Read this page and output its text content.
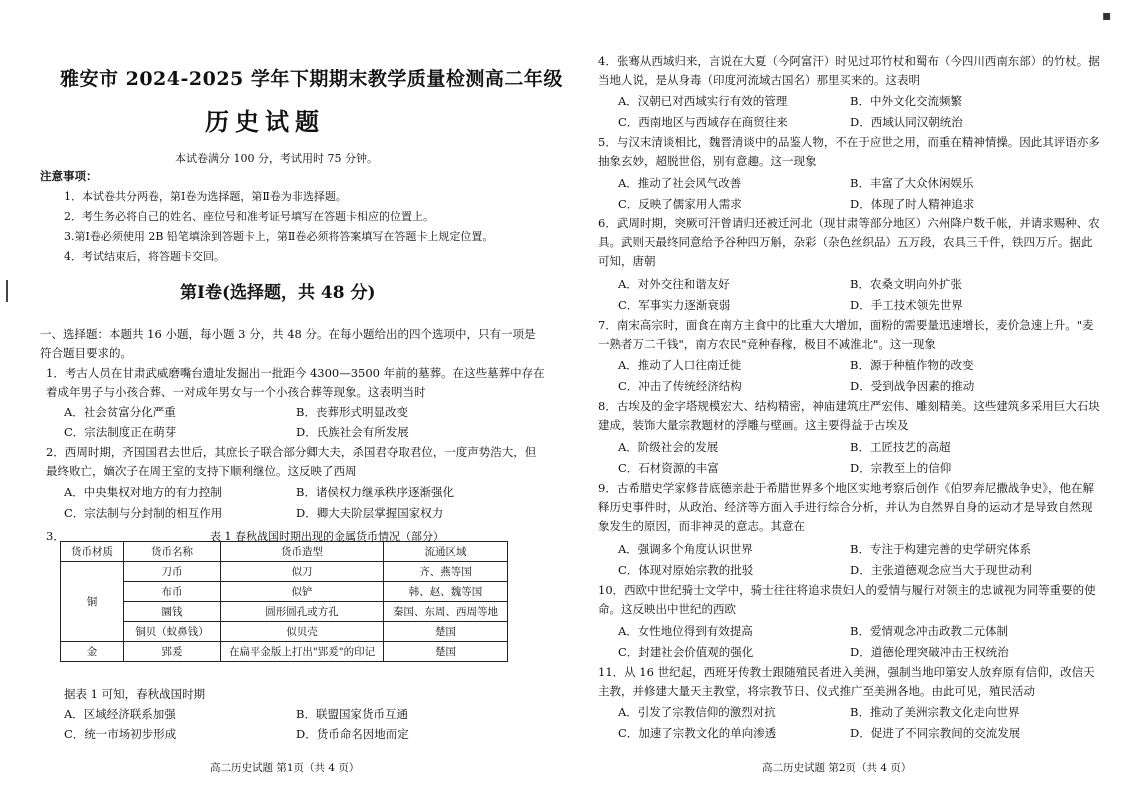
雅安市 2024-2025 学年下期期末教学质量检测高二年级
历史试题
本试卷满分 100 分，考试用时 75 分钟。
注意事项：
1．本试卷共分两卷，第Ⅰ卷为选择题，第Ⅱ卷为非选择题。
2．考生务必将自己的姓名、座位号和准考证号填写在答题卡相应的位置上。
3.第Ⅰ卷必须使用 2B 铅笔填涂到答题卡上，第Ⅱ卷必须将答案填写在答题卡上规定位置。
4．考试结束后，将答题卡交回。
第Ⅰ卷(选择题，共 48 分)
一、选择题：本题共 16 小题，每小题 3 分，共 48 分。在每小题给出的四个选项中，只有一项是符合题目要求的。
1．考古人员在甘肃武威磨嘴台遗址发掘出一批距今 4300—3500 年前的墓葬。在这些墓葬中存在着成年男子与小孩合葬、一对成年男女与一个小孩合葬等现象。这表明当时
A．社会贫富分化严重	B．丧葬形式明显改变
C．宗法制度正在萌芽	D．氏族社会有所发展
2．西周时期，齐国国君去世后，其庶长子联合部分卿大夫，杀国君夺取君位，一度声势浩大，但最终败亡，嫡次子在周王室的支持下顺利继位。这反映了西周
A．中央集权对地方的有力控制	B．诸侯权力继承秩序逐渐强化
C．宗法制与分封制的相互作用	D．卿大夫阶层掌握国家权力
3．	表 1 春秋战国时期出现的金属货币情况（部分）
货币材质	货币名称	货币造型	流通区域
铜	刀币	似刀	齐、燕等国
	布币	似铲	韩、赵、魏等国
	圜钱	圆形圆孔或方孔	秦国、东周、西周等地
	铜贝（蚁鼻钱）	似贝壳	楚国
金	郢爰	在扁平金版上打出"郢爰"的印记	楚国
据表 1 可知，春秋战国时期
A．区域经济联系加强	B．联盟国家货币互通
C．统一市场初步形成	D．货币命名因地而定
高二历史试题 第1页（共 4 页）
▪
4．张骞从西域归来，言说在大夏（今阿富汗）时见过邛竹杖和蜀布（今四川西南东部）的竹杖。据当地人说，是从身毒（印度河流域古国名）那里买来的。这表明
A．汉朝已对西域实行有效的管理	B．中外文化交流频繁
C．西南地区与西域存在商贸往来	D．西域认同汉朝统治
5．与汉末清谈相比，魏晋清谈中的品鉴人物，不在于应世之用，而重在精神情操。因此其评语亦多抽象玄妙，超脱世俗，别有意趣。这一现象
A．推动了社会风气改善	B．丰富了大众休闲娱乐
C．反映了儒家用人需求	D．体现了时人精神追求
6．武周时期，突厥可汗曾请归还被迁河北（现甘肃等部分地区）六州降户数千帐，并请求赐种、农具。武则天最终同意给予谷种四万斛，杂彩（杂色丝织品）五万段，农具三千件，铁四万斤。据此可知，唐朝
A．对外交往和谐友好	B．农桑文明向外扩张
C．军事实力逐渐衰弱	D．手工技术领先世界
7．南宋高宗时，面食在南方主食中的比重大大增加，面粉的需要量迅速增长，麦价急速上升。"麦一熟者万二千钱"，南方农民"竞种春稼，极目不减淮北"。这一现象
A．推动了人口往南迁徙	B．源于种植作物的改变
C．冲击了传统经济结构	D．受到战争因素的推动
8．古埃及的金字塔规模宏大、结构精密，神庙建筑庄严宏伟、雕刻精美。这些建筑多采用巨大石块建成，装饰大量宗教题材的浮雕与壁画。这主要得益于古埃及
A．阶级社会的发展	B．工匠技艺的高超
C．石材资源的丰富	D．宗教至上的信仰
9．古希腊史学家修昔底德亲赴于希腊世界多个地区实地考察后创作《伯罗奔尼撒战争史》，他在解释历史事件时，从政治、经济等方面入手进行综合分析，并认为自然界自身的运动才是导致自然现象发生的原因，而非神灵的意志。其意在
A．强调多个角度认识世界	B．专注于构建完善的史学研究体系
C．体现对原始宗教的批驳	D．主张道德观念应当大于现世动利
10．西欧中世纪骑士文学中，骑士往往将追求贵妇人的爱情与履行对领主的忠诚视为同等重要的使命。这反映出中世纪的西欧
A．女性地位得到有效提高	B．爱情观念冲击政教二元体制
C．封建社会价值观的强化	D．道德伦理突破冲击王权统治
11．从 16 世纪起，西班牙传教士跟随殖民者进入美洲，强制当地印第安人放弃原有信仰，改信天主教，并修建大量天主教堂，将宗教节日、仪式推广至美洲各地。由此可见，殖民活动
A．引发了宗教信仰的激烈对抗	B．推动了美洲宗教文化走向世界
C．加速了宗教文化的单向渗透	D．促进了不同宗教间的交流发展
高二历史试题 第2页（共 4 页）
